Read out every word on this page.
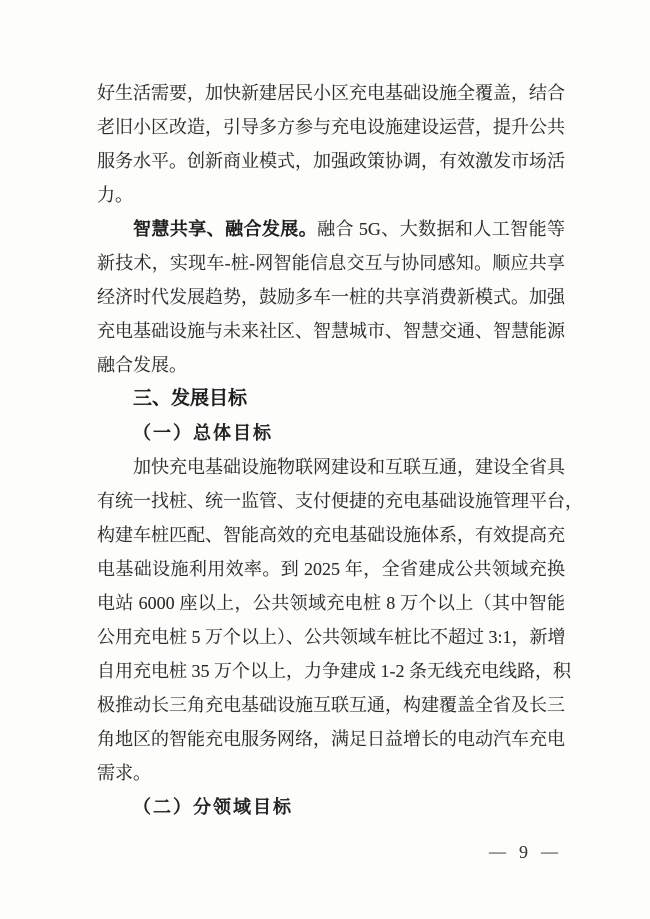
好生活需要，加快新建居民小区充电基础设施全覆盖，结合
老旧小区改造，引导多方参与充电设施建设运营，提升公共
服务水平。创新商业模式，加强政策协调，有效激发市场活
力。
智慧共享、融合发展。融合 5G、大数据和人工智能等
新技术，实现车-桩-网智能信息交互与协同感知。顺应共享
经济时代发展趋势，鼓励多车一桩的共享消费新模式。加强
充电基础设施与未来社区、智慧城市、智慧交通、智慧能源
融合发展。
三、发展目标
（一）总体目标
加快充电基础设施物联网建设和互联互通，建设全省具
有统一找桩、统一监管、支付便捷的充电基础设施管理平台，
构建车桩匹配、智能高效的充电基础设施体系，有效提高充
电基础设施利用效率。到 2025 年，全省建成公共领域充换
电站 6000 座以上，公共领域充电桩 8 万个以上（其中智能
公用充电桩 5 万个以上）、公共领域车桩比不超过 3:1，新增
自用充电桩 35 万个以上，力争建成 1-2 条无线充电线路，积
极推动长三角充电基础设施互联互通，构建覆盖全省及长三
角地区的智能充电服务网络，满足日益增长的电动汽车充电
需求。
（二）分领域目标
— 9 —
